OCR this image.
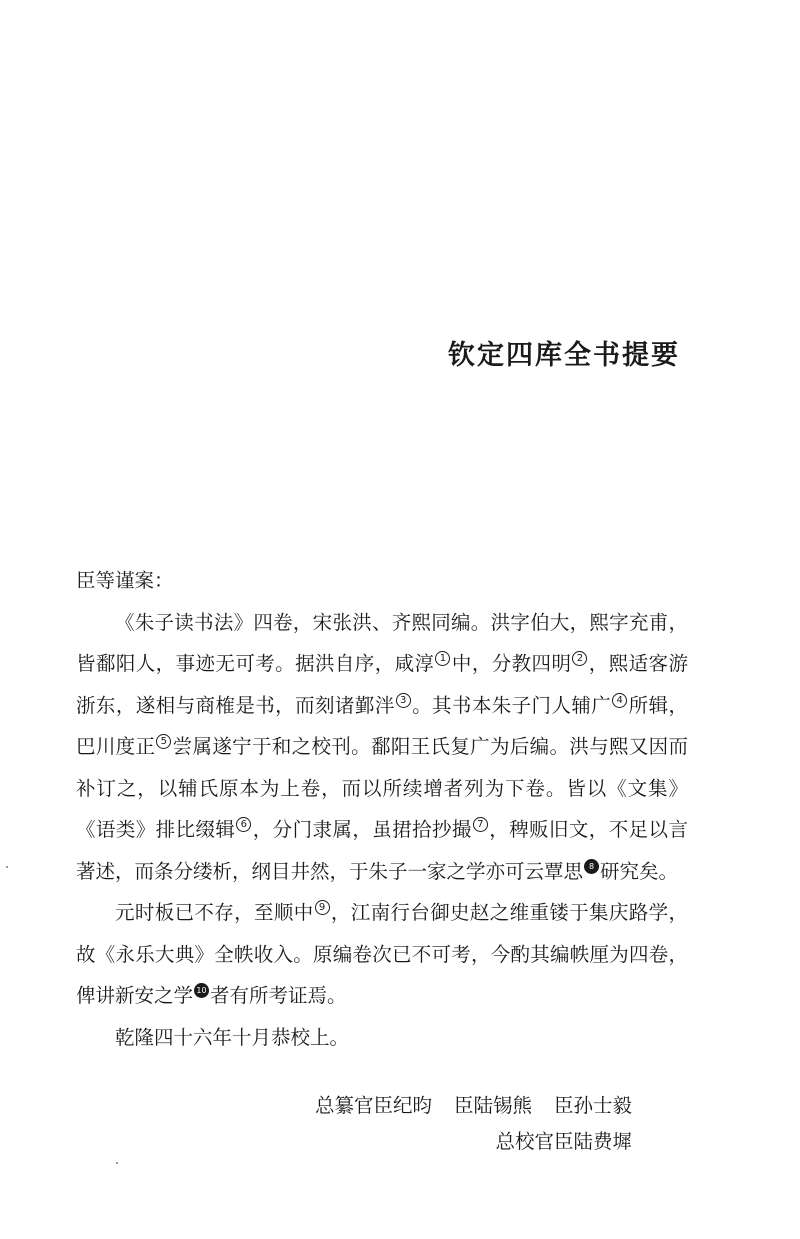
钦定四库全书提要

臣等谨案：

《朱子读书法》四卷，宋张洪、齐熙同编。洪字伯大，熙字充甫，皆鄱阳人，事迹无可考。据洪自序，咸淳 1 中，分教四明 2 ，熙适客游浙东，遂相与商榷是书，而刻诸鄞泮 3 。其书本朱子门人辅广 4 所辑，巴川度正 5 尝属遂宁于和之校刊。鄱阳王氏复广为后编。洪与熙又因而补订之，以辅氏原本为上卷，而以所续增者列为下卷。皆以《文集》《语类》排比缀辑 6 ，分门隶属，虽捃拾抄撮 7 ，稗贩旧文，不足以言著述，而条分缕析，纲目井然，于朱子一家之学亦可云覃思 8 研究矣。

元时板已不存，至顺中 9 ，江南行台御史赵之维重镂于集庆路学，故《永乐大典》全帙收入。原编卷次已不可考，今酌其编帙厘为四卷，俾讲新安之学 10 者有所考证焉。

乾隆四十六年十月恭校上。

总纂官臣纪昀 臣陆锡熊 臣孙士毅
总校官臣陆费墀
